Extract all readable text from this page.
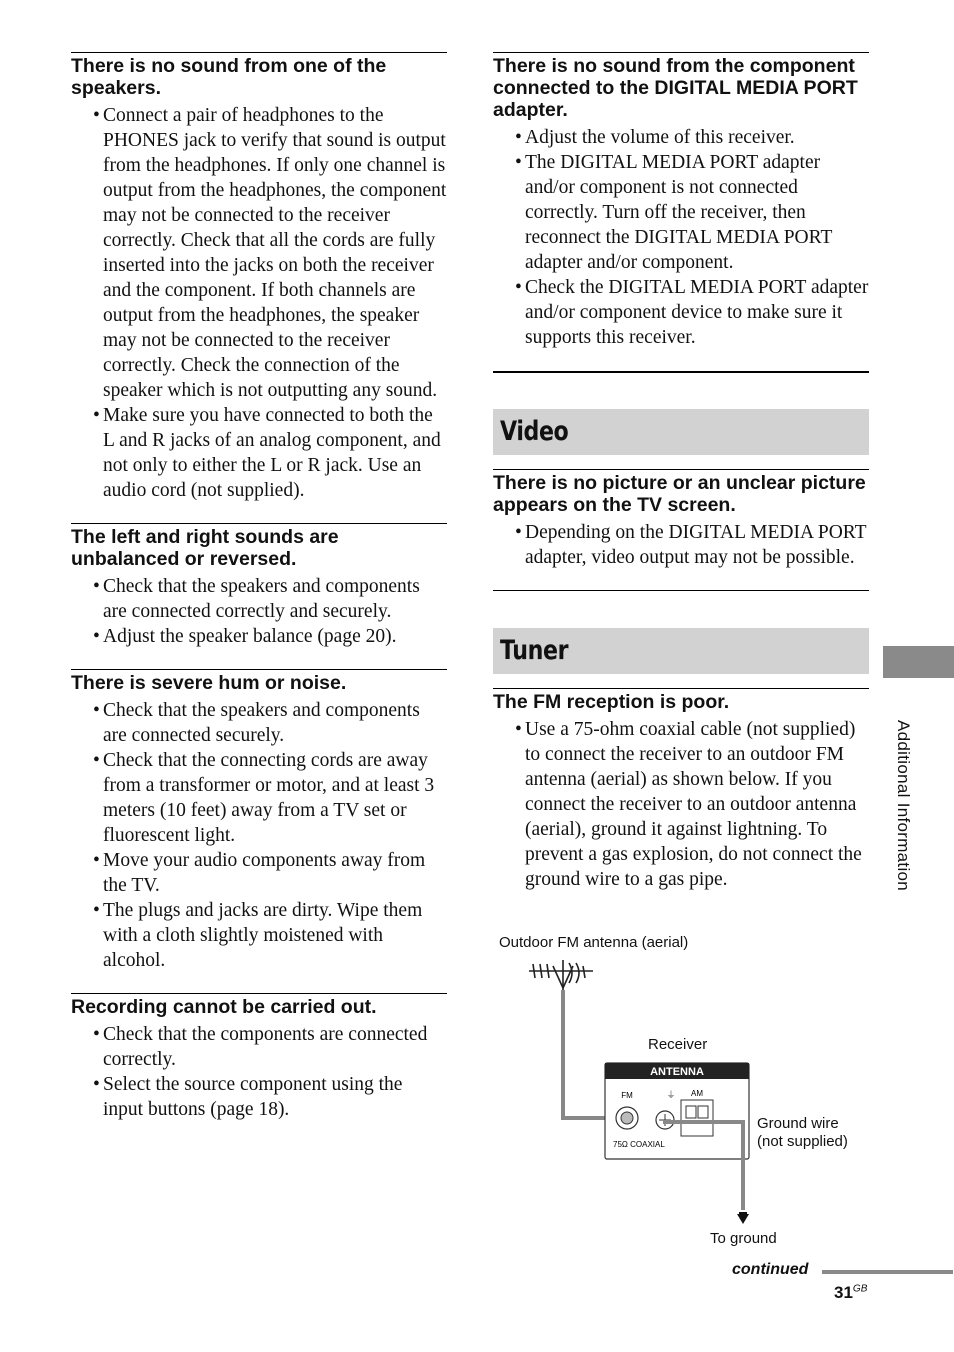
There is no sound from one of the speakers.

• Connect a pair of headphones to the PHONES jack to verify that sound is output from the headphones. If only one channel is output from the headphones, the component may not be connected to the receiver correctly. Check that all the cords are fully inserted into the jacks on both the receiver and the component. If both channels are output from the headphones, the speaker may not be connected to the receiver correctly. Check the connection of the speaker which is not outputting any sound.
• Make sure you have connected to both the L and R jacks of an analog component, and not only to either the L or R jack. Use an audio cord (not supplied).

The left and right sounds are unbalanced or reversed.

• Check that the speakers and components are connected correctly and securely.
• Adjust the speaker balance (page 20).

There is severe hum or noise.

• Check that the speakers and components are connected securely.
• Check that the connecting cords are away from a transformer or motor, and at least 3 meters (10 feet) away from a TV set or fluorescent light.
• Move your audio components away from the TV.
• The plugs and jacks are dirty. Wipe them with a cloth slightly moistened with alcohol.

Recording cannot be carried out.

• Check that the components are connected correctly.
• Select the source component using the input buttons (page 18).

There is no sound from the component connected to the DIGITAL MEDIA PORT adapter.

• Adjust the volume of this receiver.
• The DIGITAL MEDIA PORT adapter and/or component is not connected correctly. Turn off the receiver, then reconnect the DIGITAL MEDIA PORT adapter and/or component.
• Check the DIGITAL MEDIA PORT adapter and/or component device to make sure it supports this receiver.
Video

There is no picture or an unclear picture appears on the TV screen.

• Depending on the DIGITAL MEDIA PORT adapter, video output may not be possible.
Tuner

The FM reception is poor.

• Use a 75-ohm coaxial cable (not supplied) to connect the receiver to an outdoor FM antenna (aerial) as shown below. If you connect the receiver to an outdoor antenna (aerial), ground it against lightning. To prevent a gas explosion, do not connect the ground wire to a gas pipe.
Outdoor FM antenna (aerial)
Receiver
Ground wire
(not supplied)
To ground
ANTENNA
FM	⏚ AM
75Ω COAXIAL
Additional Information
continued
$31^{GB}$
